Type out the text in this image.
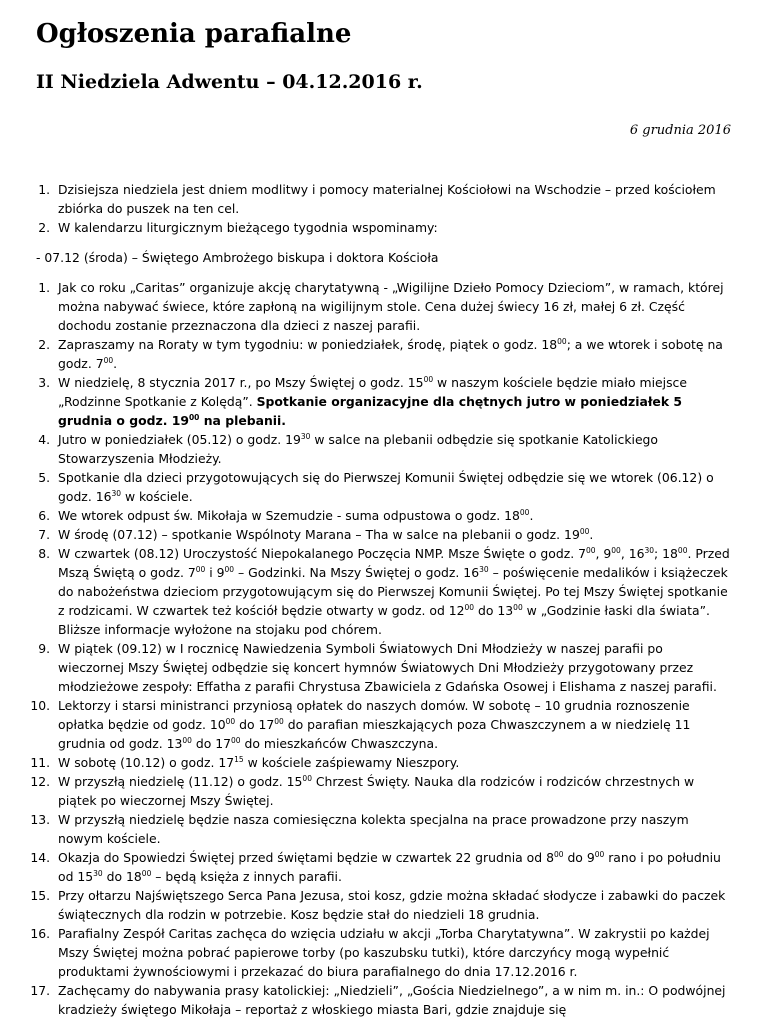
Ogłoszenia parafialne
II Niedziela Adwentu – 04.12.2016 r.

6 grudnia 2016

1. Dzisiejsza niedziela jest dniem modlitwy i pomocy materialnej Kościołowi na Wschodzie – przed kościołem zbiórka do puszek na ten cel.
2. W kalendarzu liturgicznym bieżącego tygodnia wspominamy:
- 07.12 (środa) – Świętego Ambrożego biskupa i doktora Kościoła
1. Jak co roku „Caritas” organizuje akcję charytatywną - „Wigilijne Dzieło Pomocy Dzieciom”, w ramach, której można nabywać świece, które zapłoną na wigilijnym stole. Cena dużej świecy 16 zł, małej 6 zł. Część dochodu zostanie przeznaczona dla dzieci z naszej parafii.
2. Zapraszamy na Roraty w tym tygodniu: w poniedziałek, środę, piątek o godz. $18^{00}$; a we wtorek i sobotę na godz. $7^{00}$.
3. W niedzielę, 8 stycznia 2017 r., po Mszy Świętej o godz. $15^{00}$ w naszym kościele będzie miało miejsce „Rodzinne Spotkanie z Kolędą”. Spotkanie organizacyjne dla chętnych jutro w poniedziałek 5 grudnia o godz. $19^{00}$ na plebanii.
4. Jutro w poniedziałek (05.12) o godz. $19^{30}$ w salce na plebanii odbędzie się spotkanie Katolickiego Stowarzyszenia Młodzieży.
5. Spotkanie dla dzieci przygotowujących się do Pierwszej Komunii Świętej odbędzie się we wtorek (06.12) o godz. $16^{30}$ w kościele.
6. We wtorek odpust św. Mikołaja w Szemudzie - suma odpustowa o godz. $18^{00}$.
7. W środę (07.12) – spotkanie Wspólnoty Marana – Tha w salce na plebanii o godz. $19^{00}$.
8. W czwartek (08.12) Uroczystość Niepokalanego Poczęcia NMP. Msze Święte o godz. $7^{00}$, $9^{00}$, $16^{30}$; $18^{00}$. Przed Mszą Świętą o godz. $7^{00}$ i $9^{00}$ – Godzinki. Na Mszy Świętej o godz. $16^{30}$ – poświęcenie medalików i książeczek do nabożeństwa dzieciom przygotowującym się do Pierwszej Komunii Świętej. Po tej Mszy Świętej spotkanie z rodzicami. W czwartek też kościół będzie otwarty w godz. od $12^{00}$ do $13^{00}$ w „Godzinie łaski dla świata”. Bliższe informacje wyłożone na stojaku pod chórem.
9. W piątek (09.12) w I rocznicę Nawiedzenia Symboli Światowych Dni Młodzieży w naszej parafii po wieczornej Mszy Świętej odbędzie się koncert hymnów Światowych Dni Młodzieży przygotowany przez młodzieżowe zespoły: Effatha z parafii Chrystusa Zbawiciela z Gdańska Osowej i Elishama z naszej parafii.
10. Lektorzy i starsi ministranci przyniosą opłatek do naszych domów. W sobotę – 10 grudnia roznoszenie opłatka będzie od godz. $10^{00}$ do $17^{00}$ do parafian mieszkających poza Chwaszczynem a w niedzielę 11 grudnia od godz. $13^{00}$ do $17^{00}$ do mieszkańców Chwaszczyna.
11. W sobotę (10.12) o godz. $17^{15}$ w kościele zaśpiewamy Nieszpory.
12. W przyszłą niedzielę (11.12) o godz. $15^{00}$ Chrzest Święty. Nauka dla rodziców i rodziców chrzestnych w piątek po wieczornej Mszy Świętej.
13. W przyszłą niedzielę będzie nasza comiesięczna kolekta specjalna na prace prowadzone przy naszym nowym kościele.
14. Okazja do Spowiedzi Świętej przed świętami będzie w czwartek 22 grudnia od $8^{00}$ do $9^{00}$ rano i po południu od $15^{30}$ do $18^{00}$ – będą księża z innych parafii.
15. Przy ołtarzu Najświętszego Serca Pana Jezusa, stoi kosz, gdzie można składać słodycze i zabawki do paczek świątecznych dla rodzin w potrzebie. Kosz będzie stał do niedzieli 18 grudnia.
16. Parafialny Zespół Caritas zachęca do wzięcia udziału w akcji „Torba Charytatywna”. W zakrystii po każdej Mszy Świętej można pobrać papierowe torby (po kaszubsku tutki), które darczyńcy mogą wypełnić produktami żywnościowymi i przekazać do biura parafialnego do dnia 17.12.2016 r.
17. Zachęcamy do nabywania prasy katolickiej: „Niedzieli”, „Gościa Niedzielnego”, a w nim m. in.: O podwójnej kradzieży świętego Mikołaja – reportaż z włoskiego miasta Bari, gdzie znajduje się
